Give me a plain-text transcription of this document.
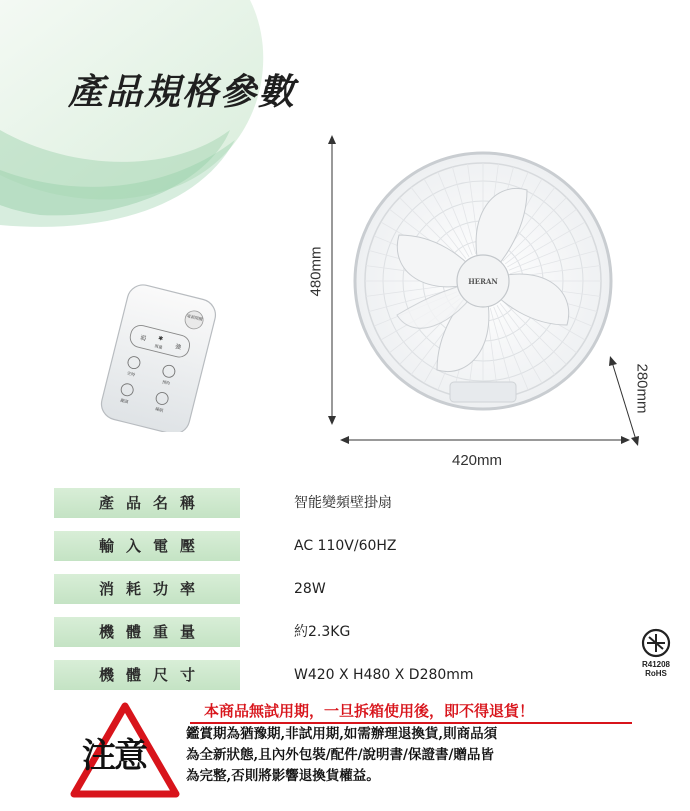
產品規格參數
電源開關
弱 ✱
風量 強
定時
預約
擺頭
睡眠
HERAN
480mm
420mm
280mm
產品名稱	智能變頻壁掛扇
輸入電壓	AC 110V/60HZ
消耗功率	28W
機體重量	約2.3KG
機體尺寸	W420 X H480 X D280mm
R41208
RoHS
注意
本商品無試用期，一旦拆箱使用後，即不得退貨！
鑑賞期為猶豫期,非試用期,如需辦理退換貨,則商品須
為全新狀態,且內外包裝/配件/說明書/保證書/贈品皆
為完整,否則將影響退換貨權益。
